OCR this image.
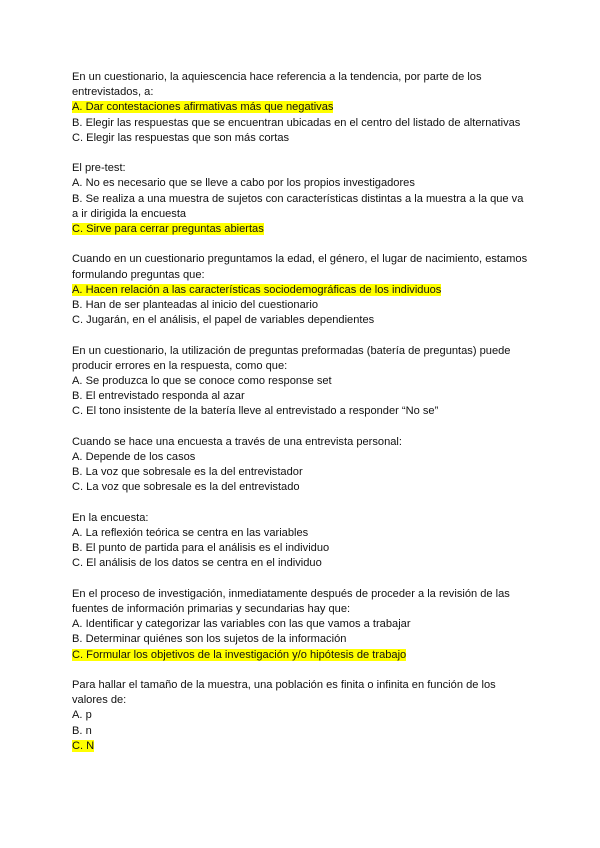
En un cuestionario, la aquiescencia hace referencia a la tendencia, por parte de los entrevistados, a:
A. Dar contestaciones afirmativas más que negativas
B. Elegir las respuestas que se encuentran ubicadas en el centro del listado de alternativas
C. Elegir las respuestas que son más cortas
El pre-test:
A. No es necesario que se lleve a cabo por los propios investigadores
B. Se realiza a una muestra de sujetos con características distintas a la muestra a la que va a ir dirigida la encuesta
C. Sirve para cerrar preguntas abiertas
Cuando en un cuestionario preguntamos la edad, el género, el lugar de nacimiento, estamos formulando preguntas que:
A. Hacen relación a las características sociodemográficas de los individuos
B. Han de ser planteadas al inicio del cuestionario
C. Jugarán, en el análisis, el papel de variables dependientes
En un cuestionario, la utilización de preguntas preformadas (batería de preguntas) puede producir errores en la respuesta, como que:
A. Se produzca lo que se conoce como response set
B. El entrevistado responda al azar
C. El tono insistente de la batería lleve al entrevistado a responder “No se”
Cuando se hace una encuesta a través de una entrevista personal:
A. Depende de los casos
B. La voz que sobresale es la del entrevistador
C. La voz que sobresale es la del entrevistado
En la encuesta:
A. La reflexión teórica se centra en las variables
B. El punto de partida para el análisis es el individuo
C. El análisis de los datos se centra en el individuo
En el proceso de investigación, inmediatamente después de proceder a la revisión de las fuentes de información primarias y secundarias hay que:
A. Identificar y categorizar las variables con las que vamos a trabajar
B. Determinar quiénes son los sujetos de la información
C. Formular los objetivos de la investigación y/o hipótesis de trabajo
Para hallar el tamaño de la muestra, una población es finita o infinita en función de los valores de:
A. p
B. n
C. N
